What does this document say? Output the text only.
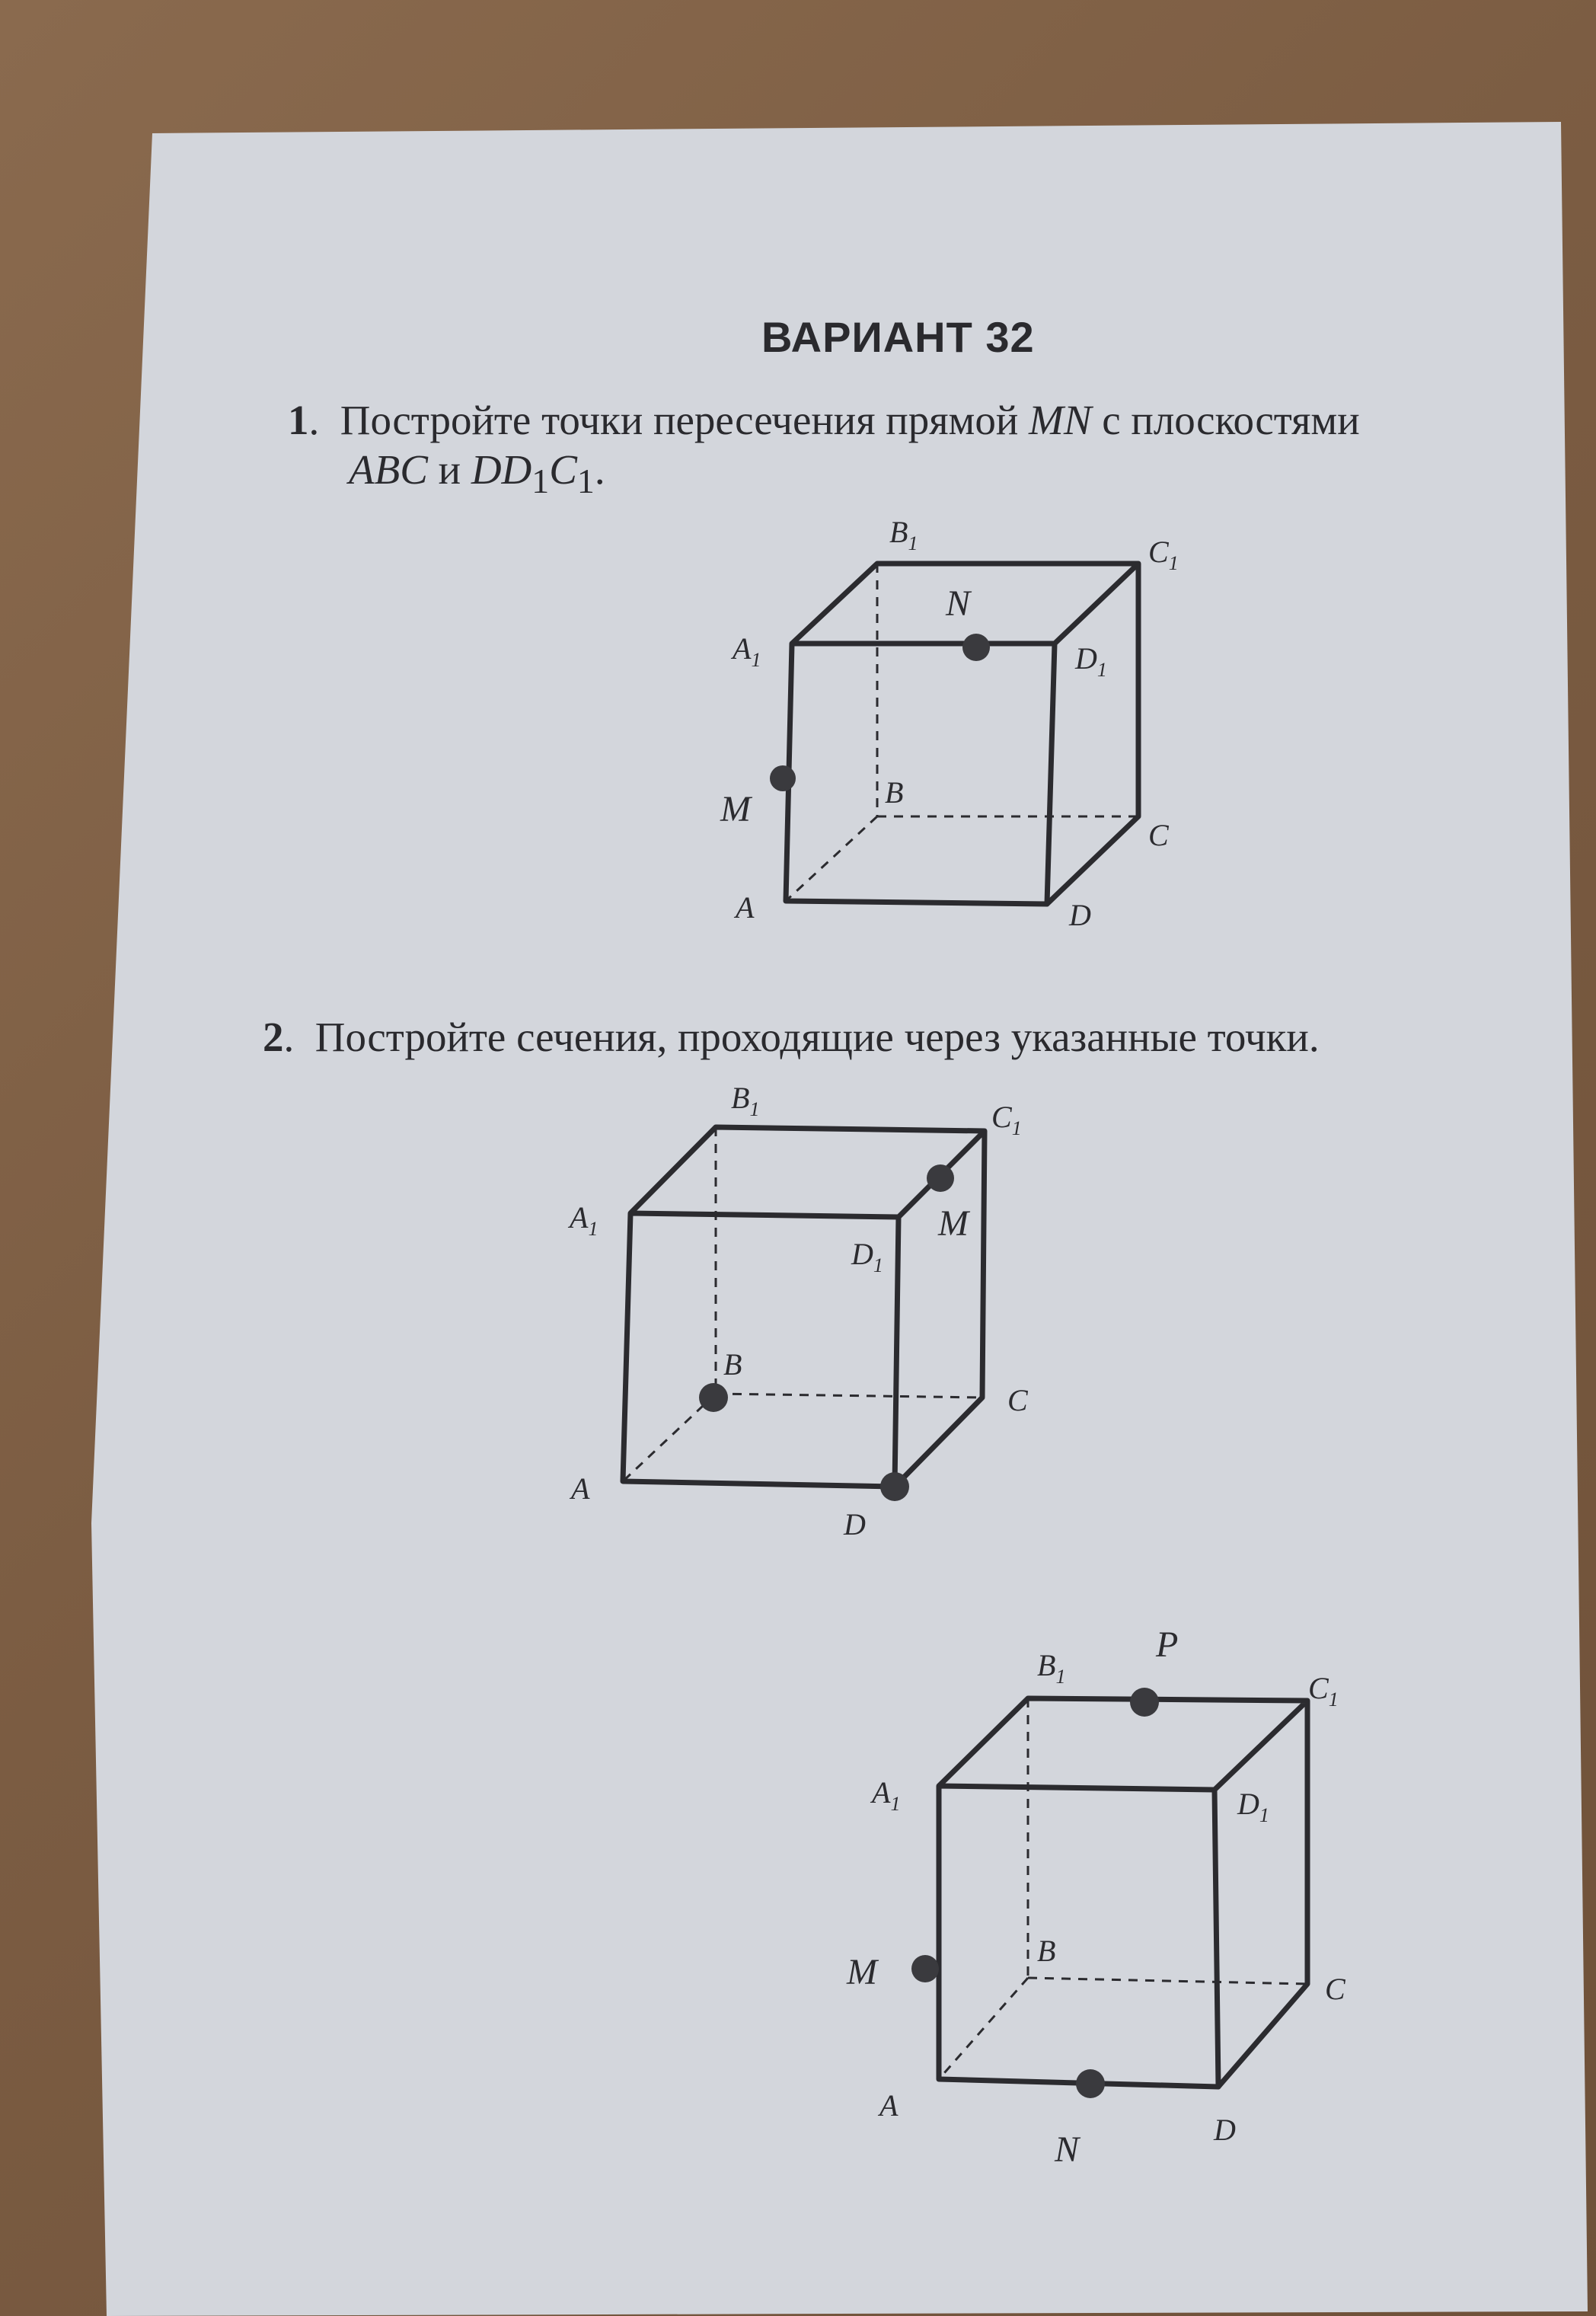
ВАРИАНТ 32
1.  Постройте точки пересечения прямой MN с плоскостями
ABC и $DD_1C_1$.
$B_1$	$C_1$
$A_1$	$D_1$
N
M	B
C
A	D
2.  Постройте сечения, проходящие через указанные точки.
$B_1$	$C_1$
$A_1$
$D_1$
M
B
C
A
D
$B_1$	$C_1$
$A_1$	$D_1$
P
M
N
B
C
A
D
